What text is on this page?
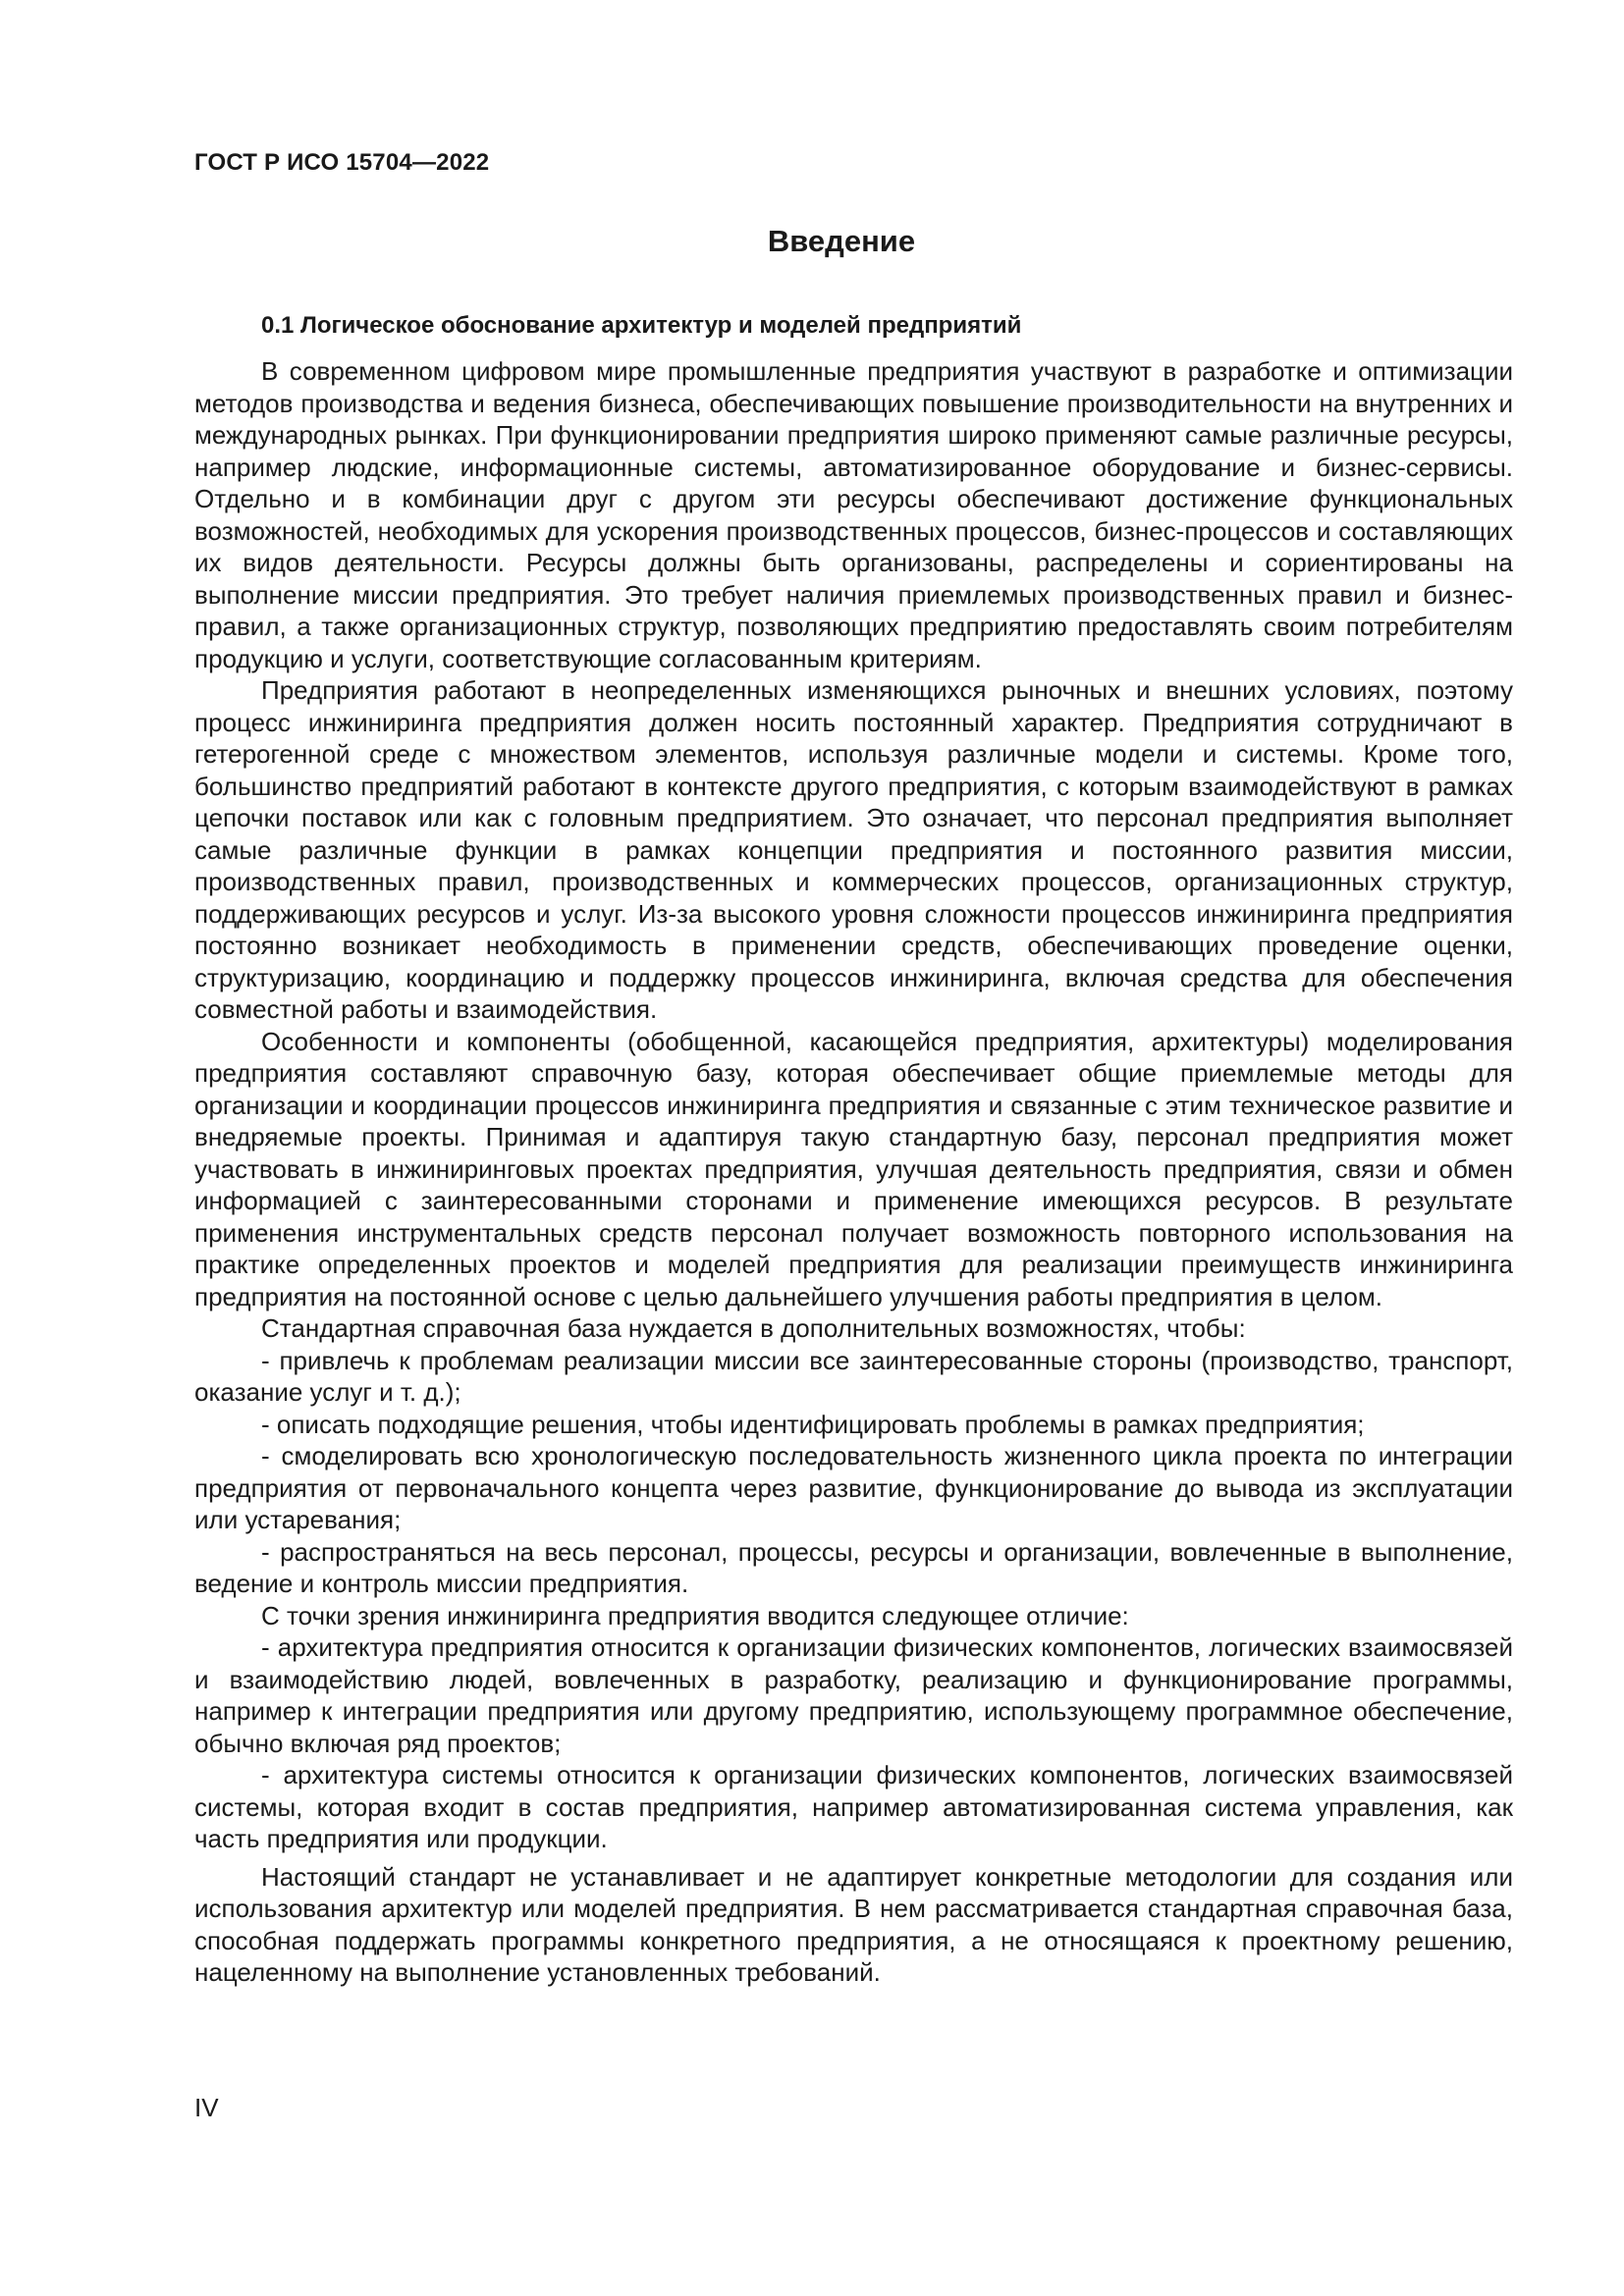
ГОСТ Р ИСО 15704—2022
Введение
0.1 Логическое обоснование архитектур и моделей предприятий

В современном цифровом мире промышленные предприятия участвуют в разработке и оптимизации методов производства и ведения бизнеса, обеспечивающих повышение производительности на внутренних и международных рынках. При функционировании предприятия широко применяют самые различные ресурсы, например людские, информационные системы, автоматизированное оборудование и бизнес-сервисы. Отдельно и в комбинации друг с другом эти ресурсы обеспечивают достижение функциональных возможностей, необходимых для ускорения производственных процессов, бизнес-процессов и составляющих их видов деятельности. Ресурсы должны быть организованы, распределены и сориентированы на выполнение миссии предприятия. Это требует наличия приемлемых производственных правил и бизнес-правил, а также организационных структур, позволяющих предприятию предоставлять своим потребителям продукцию и услуги, соответствующие согласованным критериям.

Предприятия работают в неопределенных изменяющихся рыночных и внешних условиях, поэтому процесс инжиниринга предприятия должен носить постоянный характер. Предприятия сотрудничают в гетерогенной среде с множеством элементов, используя различные модели и системы. Кроме того, большинство предприятий работают в контексте другого предприятия, с которым взаимодействуют в рамках цепочки поставок или как с головным предприятием. Это означает, что персонал предприятия выполняет самые различные функции в рамках концепции предприятия и постоянного развития миссии, производственных правил, производственных и коммерческих процессов, организационных структур, поддерживающих ресурсов и услуг. Из-за высокого уровня сложности процессов инжиниринга предприятия постоянно возникает необходимость в применении средств, обеспечивающих проведение оценки, структуризацию, координацию и поддержку процессов инжиниринга, включая средства для обеспечения совместной работы и взаимодействия.

Особенности и компоненты (обобщенной, касающейся предприятия, архитектуры) моделирования предприятия составляют справочную базу, которая обеспечивает общие приемлемые методы для организации и координации процессов инжиниринга предприятия и связанные с этим техническое развитие и внедряемые проекты. Принимая и адаптируя такую стандартную базу, персонал предприятия может участвовать в инжиниринговых проектах предприятия, улучшая деятельность предприятия, связи и обмен информацией с заинтересованными сторонами и применение имеющихся ресурсов. В результате применения инструментальных средств персонал получает возможность повторного использования на практике определенных проектов и моделей предприятия для реализации преимуществ инжиниринга предприятия на постоянной основе с целью дальнейшего улучшения работы предприятия в целом.

Стандартная справочная база нуждается в дополнительных возможностях, чтобы:

- привлечь к проблемам реализации миссии все заинтересованные стороны (производство, транспорт, оказание услуг и т. д.);

- описать подходящие решения, чтобы идентифицировать проблемы в рамках предприятия;

- смоделировать всю хронологическую последовательность жизненного цикла проекта по интеграции предприятия от первоначального концепта через развитие, функционирование до вывода из эксплуатации или устаревания;

- распространяться на весь персонал, процессы, ресурсы и организации, вовлеченные в выполнение, ведение и контроль миссии предприятия.

С точки зрения инжиниринга предприятия вводится следующее отличие:

- архитектура предприятия относится к организации физических компонентов, логических взаимосвязей и взаимодействию людей, вовлеченных в разработку, реализацию и функционирование программы, например к интеграции предприятия или другому предприятию, использующему программное обеспечение, обычно включая ряд проектов;

- архитектура системы относится к организации физических компонентов, логических взаимосвязей системы, которая входит в состав предприятия, например автоматизированная система управления, как часть предприятия или продукции.

Настоящий стандарт не устанавливает и не адаптирует конкретные методологии для создания или использования архитектур или моделей предприятия. В нем рассматривается стандартная справочная база, способная поддержать программы конкретного предприятия, а не относящаяся к проектному решению, нацеленному на выполнение установленных требований.

IV
